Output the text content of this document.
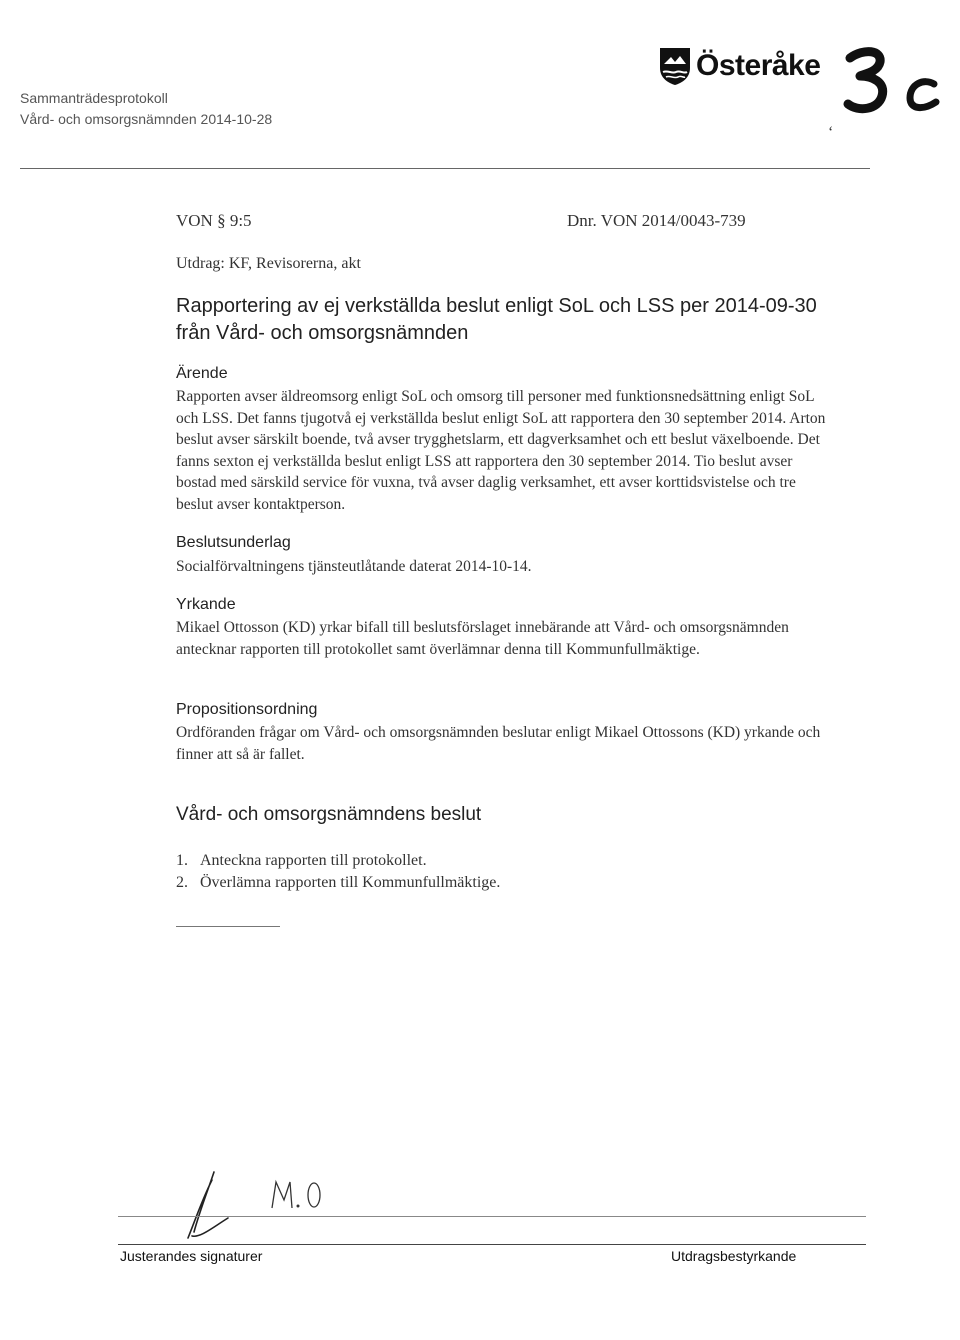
Sammanträdesprotokoll
Vård- och omsorgsnämnden 2014-10-28
Österåke
‘
VON § 9:5	Dnr. VON 2014/0043-739
Utdrag: KF, Revisorerna, akt
Rapportering av ej verkställda beslut enligt SoL och LSS per 2014-09-30 från Vård- och omsorgsnämnden
Ärende
Rapporten avser äldreomsorg enligt SoL och omsorg till personer med funktionsnedsättning enligt SoL och LSS. Det fanns tjugotvå ej verkställda beslut enligt SoL att rapportera den 30 september 2014. Arton beslut avser särskilt boende, två avser trygghetslarm, ett dagverksamhet och ett beslut växelboende. Det fanns sexton ej verkställda beslut enligt LSS att rapportera den 30 september 2014. Tio beslut avser bostad med särskild service för vuxna, två avser daglig verksamhet, ett avser korttidsvistelse och tre beslut avser kontaktperson.
Beslutsunderlag
Socialförvaltningens tjänsteutlåtande daterat 2014-10-14.
Yrkande
Mikael Ottosson (KD) yrkar bifall till beslutsförslaget innebärande att Vård- och omsorgsnämnden antecknar rapporten till protokollet samt överlämnar denna till Kommunfullmäktige.
Propositionsordning
Ordföranden frågar om Vård- och omsorgsnämnden beslutar enligt Mikael Ottossons (KD) yrkande och finner att så är fallet.
Vård- och omsorgsnämndens beslut
1. Anteckna rapporten till protokollet.
2. Överlämna rapporten till Kommunfullmäktige.
Justerandes signaturer	Utdragsbestyrkande
